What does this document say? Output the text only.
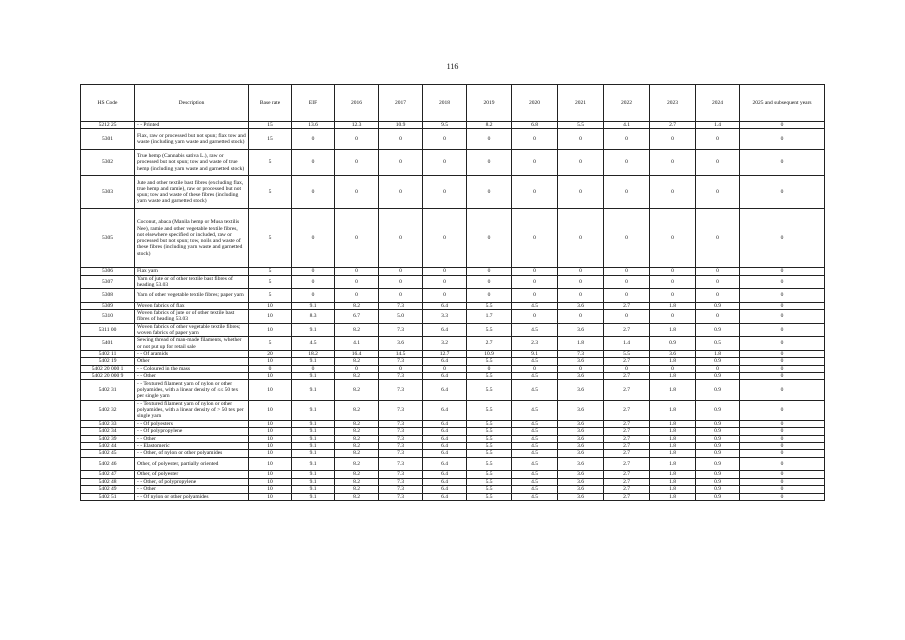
116
HS Code	Description	Base rate	EIF	2016	2017	2018	2019	2020	2021	2022	2023	2024	2025 and subsequent years
5212 25	- - Printed	15	13.6	12.3	10.9	9.5	8.2	6.8	5.5	4.1	2.7	1.4	0
5301	Flax, raw or processed but not spun; flax tow and waste (including yarn waste and garnetted stock)	15	0	0	0	0	0	0	0	0	0	0	0
5302	True hemp (Cannabis sativa L.), raw or processed but not spun; tow and waste of true hemp (including yarn waste and garnetted stock)	5	0	0	0	0	0	0	0	0	0	0	0
5303	Jute and other textile bast fibres (excluding flax, true hemp and ramie), raw or processed but not spun; tow and waste of these fibres (including yarn waste and garnetted stock)	5	0	0	0	0	0	0	0	0	0	0	0
5305	Coconut, abaca (Manila hemp or Musa textilis Nee), ramie and other vegetable textile fibres, not elsewhere specified or included, raw or processed but not spun; tow, noils and waste of these fibres (including yarn waste and garnetted stock)	5	0	0	0	0	0	0	0	0	0	0	0
5306	Flax yarn	5	0	0	0	0	0	0	0	0	0	0	0
5307	Yarn of jute or of other textile bast fibres of heading 53.03	5	0	0	0	0	0	0	0	0	0	0	0
5308	Yarn of other vegetable textile fibres; paper yarn	5	0	0	0	0	0	0	0	0	0	0	0
5309	Woven fabrics of flax	10	9.1	8.2	7.3	6.4	5.5	4.5	3.6	2.7	1.8	0.9	0
5310	Woven fabrics of jute or of other textile bast fibres of heading 53.03	10	8.3	6.7	5.0	3.3	1.7	0	0	0	0	0	0
5311 00	Woven fabrics of other vegetable textile fibres; woven fabrics of paper yarn	10	9.1	8.2	7.3	6.4	5.5	4.5	3.6	2.7	1.8	0.9	0
5401	Sewing thread of man-made filaments, whether or not put up for retail sale	5	4.5	4.1	3.6	3.2	2.7	2.3	1.8	1.4	0.9	0.5	0
5402 11	- - Of aramids	20	18.2	16.4	14.5	12.7	10.9	9.1	7.3	5.5	3.6	1.8	0
5402 19	Other	10	9.1	8.2	7.3	6.4	5.5	4.5	3.6	2.7	1.8	0.9	0
5402 20 000 1	- - Coloured in the mass	0	0	0	0	0	0	0	0	0	0	0	0
5402 20 000 9	- - Other	10	9.1	8.2	7.3	6.4	5.5	4.5	3.6	2.7	1.8	0.9	0
5402 31	- - Textured filament yarn of nylon or other polyamides, with a linear density of ≤≤ 50 tex per single yarn	10	9.1	8.2	7.3	6.4	5.5	4.5	3.6	2.7	1.8	0.9	0
5402 32	- - Textured filament yarn of nylon or other polyamides, with a linear density of > 50 tex per single yarn	10	9.1	8.2	7.3	6.4	5.5	4.5	3.6	2.7	1.8	0.9	0
5402 33	- - Of polyesters	10	9.1	8.2	7.3	6.4	5.5	4.5	3.6	2.7	1.8	0.9	0
5402 34	- - Of polypropylene	10	9.1	8.2	7.3	6.4	5.5	4.5	3.6	2.7	1.8	0.9	0
5402 39	- - Other	10	9.1	8.2	7.3	6.4	5.5	4.5	3.6	2.7	1.8	0.9	0
5402 44	- - Elastomeric	10	9.1	8.2	7.3	6.4	5.5	4.5	3.6	2.7	1.8	0.9	0
5402 45	- - Other, of nylon or other polyamides	10	9.1	8.2	7.3	6.4	5.5	4.5	3.6	2.7	1.8	0.9	0
5402 46	Other, of polyester, partially oriented	10	9.1	8.2	7.3	6.4	5.5	4.5	3.6	2.7	1.8	0.9	0
5402 47	Other, of polyester	10	9.1	8.2	7.3	6.4	5.5	4.5	3.6	2.7	1.8	0.9	0
5402 48	- - Other, of polypropylene	10	9.1	8.2	7.3	6.4	5.5	4.5	3.6	2.7	1.8	0.9	0
5402 49	- - Other	10	9.1	8.2	7.3	6.4	5.5	4.5	3.6	2.7	1.8	0.9	0
5402 51	- - Of nylon or other polyamides	10	9.1	8.2	7.3	6.4	5.5	4.5	3.6	2.7	1.8	0.9	0
